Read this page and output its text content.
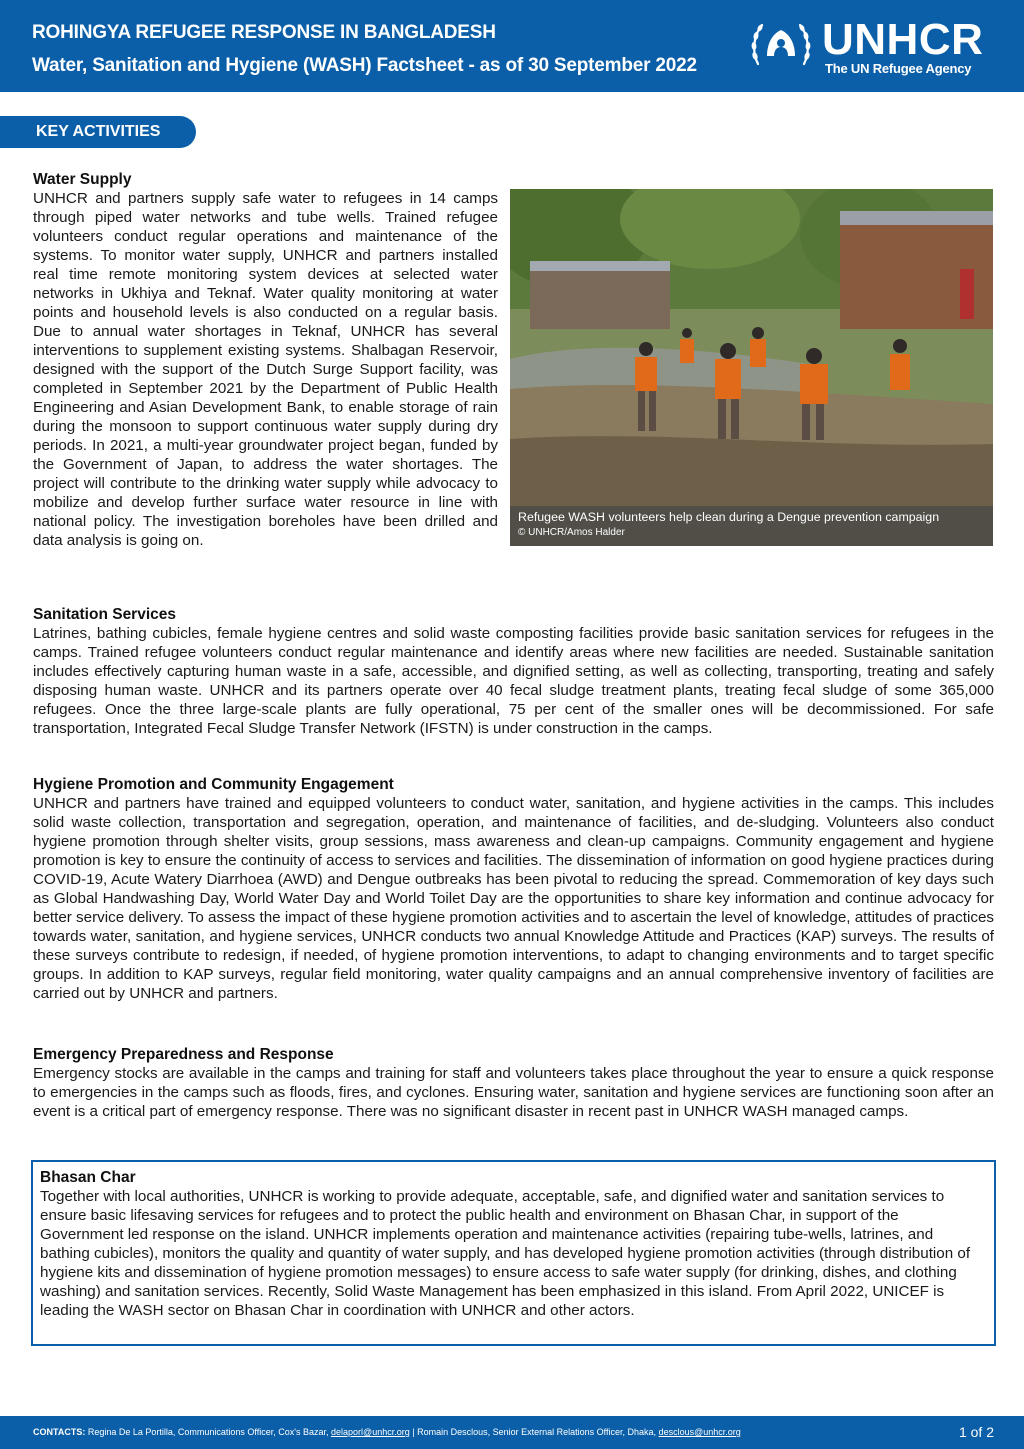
ROHINGYA REFUGEE RESPONSE IN BANGLADESH
Water, Sanitation and Hygiene (WASH) Factsheet - as of 30 September 2022
UNHCR
The UN Refugee Agency
KEY ACTIVITIES
Water Supply
UNHCR and partners supply safe water to refugees in 14 camps through piped water networks and tube wells. Trained refugee volunteers conduct regular operations and maintenance of the systems. To monitor water supply, UNHCR and partners installed real time remote monitoring system devices at selected water networks in Ukhiya and Teknaf. Water quality monitoring at water points and household levels is also conducted on a regular basis. Due to annual water shortages in Teknaf, UNHCR has several interventions to supplement existing systems. Shalbagan Reservoir, designed with the support of the Dutch Surge Support facility, was completed in September 2021 by the Department of Public Health Engineering and Asian Development Bank, to enable storage of rain during the monsoon to support continuous water supply during dry periods. In 2021, a multi-year groundwater project began, funded by the Government of Japan, to address the water shortages. The project will contribute to the drinking water supply while advocacy to mobilize and develop further surface water resource in line with national policy. The investigation boreholes have been drilled and data analysis is going on.
Refugee WASH volunteers help clean during a Dengue prevention campaign
© UNHCR/Amos Halder
Sanitation Services
Latrines, bathing cubicles, female hygiene centres and solid waste composting facilities provide basic sanitation services for refugees in the camps. Trained refugee volunteers conduct regular maintenance and identify areas where new facilities are needed. Sustainable sanitation includes effectively capturing human waste in a safe, accessible, and dignified setting, as well as collecting, transporting, treating and safely disposing human waste. UNHCR and its partners operate over 40 fecal sludge treatment plants, treating fecal sludge of some 365,000 refugees. Once the three large-scale plants are fully operational, 75 per cent of the smaller ones will be decommissioned. For safe transportation, Integrated Fecal Sludge Transfer Network (IFSTN) is under construction in the camps.
Hygiene Promotion and Community Engagement
UNHCR and partners have trained and equipped volunteers to conduct water, sanitation, and hygiene activities in the camps. This includes solid waste collection, transportation and segregation, operation, and maintenance of facilities, and de-sludging. Volunteers also conduct hygiene promotion through shelter visits, group sessions, mass awareness and clean-up campaigns. Community engagement and hygiene promotion is key to ensure the continuity of access to services and facilities. The dissemination of information on good hygiene practices during COVID-19, Acute Watery Diarrhoea (AWD) and Dengue outbreaks has been pivotal to reducing the spread. Commemoration of key days such as Global Handwashing Day, World Water Day and World Toilet Day are the opportunities to share key information and continue advocacy for better service delivery. To assess the impact of these hygiene promotion activities and to ascertain the level of knowledge, attitudes of practices towards water, sanitation, and hygiene services, UNHCR conducts two annual Knowledge Attitude and Practices (KAP) surveys. The results of these surveys contribute to redesign, if needed, of hygiene promotion interventions, to adapt to changing environments and to target specific groups. In addition to KAP surveys, regular field monitoring, water quality campaigns and an annual comprehensive inventory of facilities are carried out by UNHCR and partners.
Emergency Preparedness and Response
Emergency stocks are available in the camps and training for staff and volunteers takes place throughout the year to ensure a quick response to emergencies in the camps such as floods, fires, and cyclones. Ensuring water, sanitation and hygiene services are functioning soon after an event is a critical part of emergency response. There was no significant disaster in recent past in UNHCR WASH managed camps.
Bhasan Char
Together with local authorities, UNHCR is working to provide adequate, acceptable, safe, and dignified water and sanitation services to ensure basic lifesaving services for refugees and to protect the public health and environment on Bhasan Char, in support of the Government led response on the island. UNHCR implements operation and maintenance activities (repairing tube-wells, latrines, and bathing cubicles), monitors the quality and quantity of water supply, and has developed hygiene promotion activities (through distribution of hygiene kits and dissemination of hygiene promotion messages) to ensure access to safe water supply (for drinking, dishes, and clothing washing) and sanitation services. Recently, Solid Waste Management has been emphasized in this island. From April 2022, UNICEF is leading the WASH sector on Bhasan Char in coordination with UNHCR and other actors.
CONTACTS: Regina De La Portilla, Communications Officer, Cox's Bazar, delaporl@unhcr.org | Romain Desclous, Senior External Relations Officer, Dhaka, desclous@unhcr.org	1 of 2
